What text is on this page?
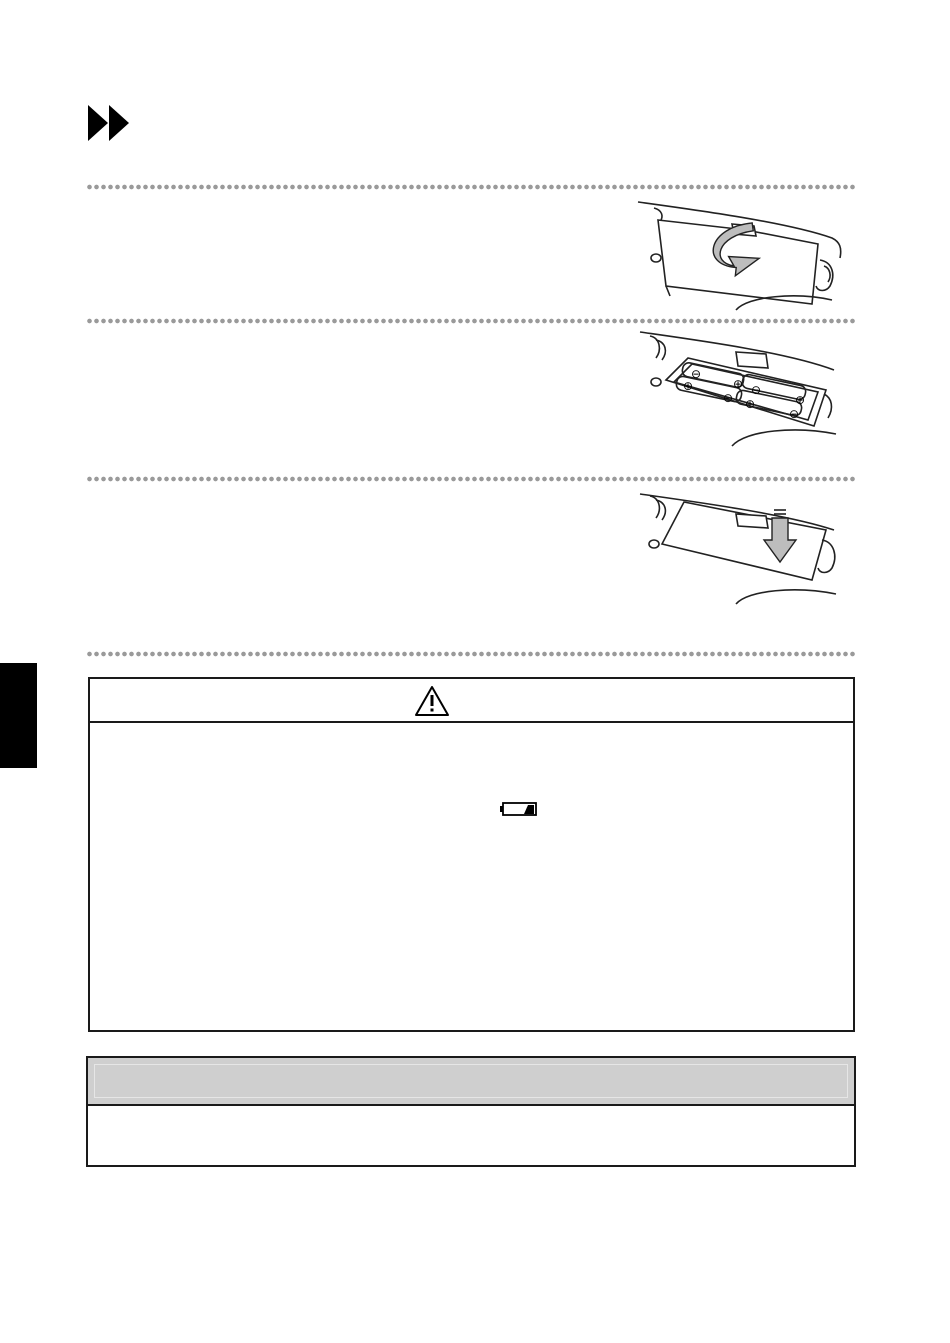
⊖
⊕ ⊖
⊕
⊕
⊖ ⊕
⊖
